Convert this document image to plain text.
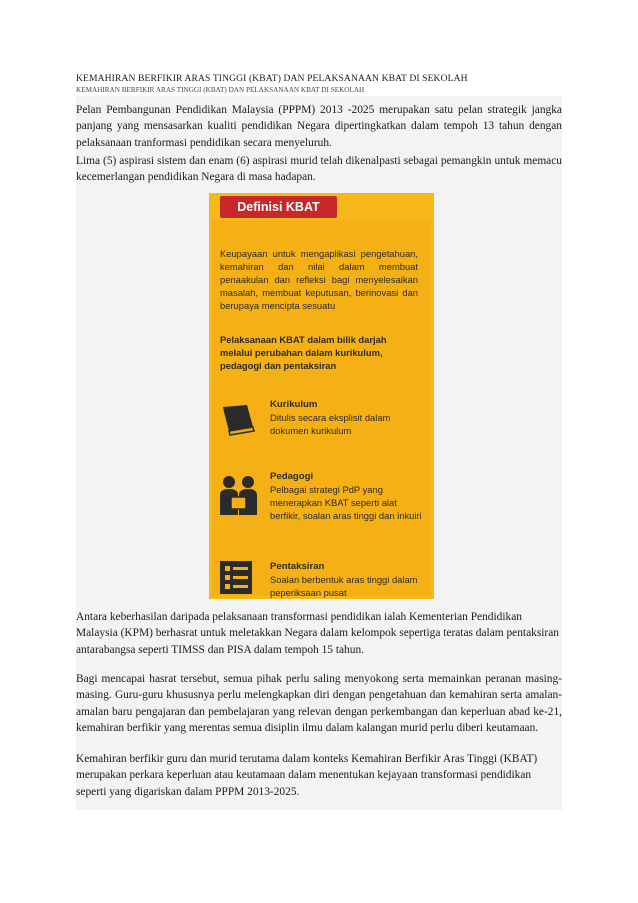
KEMAHIRAN BERFIKIR ARAS TINGGI (KBAT) DAN PELAKSANAAN KBAT DI SEKOLAH
KEMAHIRAN BERFIKIR ARAS TINGGI (KBAT) DAN PELAKSANAAN KBAT DI SEKOLAH
Pelan Pembangunan Pendidikan Malaysia (PPPM) 2013 -2025 merupakan satu pelan strategik jangka panjang yang mensasarkan kualiti pendidikan Negara dipertingkatkan dalam tempoh 13 tahun dengan pelaksanaan tranformasi pendidikan secara menyeluruh.
Lima (5) aspirasi sistem dan enam (6) aspirasi murid telah dikenalpasti sebagai pemangkin untuk memacu kecemerlangan pendidikan Negara di masa hadapan.
Keupayaan untuk mengaplikasi pengetahuan, kemahiran dan nilai dalam membuat penaakulan dan refleksi bagi menyelesaikan masalah, membuat keputusan, berinovasi dan berupaya mencipta sesuatu
Pelaksanaan KBAT dalam bilik darjah melalui perubahan dalam kurikulum, pedagogi dan pentaksiran
Kurikulum
Ditulis secara eksplisit dalam dokumen kurikulum
Pedagogi
Pelbagai strategi PdP yang menerapkan KBAT seperti alat berfikir, soalan aras tinggi dan inkuiri
Pentaksiran
Soalan berbentuk aras tinggi dalam peperiksaan pusat
Definisi KBAT
Antara keberhasilan daripada pelaksanaan transformasi pendidikan ialah Kementerian Pendidikan Malaysia (KPM) berhasrat untuk meletakkan Negara dalam kelompok sepertiga teratas dalam pentaksiran antarabangsa seperti TIMSS dan PISA dalam tempoh 15 tahun.
Bagi mencapai hasrat tersebut, semua pihak perlu saling menyokong serta memainkan peranan masing-masing. Guru-guru khususnya perlu melengkapkan diri dengan pengetahuan dan kemahiran serta amalan-amalan baru pengajaran dan pembelajaran yang relevan dengan perkembangan dan keperluan abad ke-21, kemahiran berfikir yang merentas semua disiplin ilmu dalam kalangan murid perlu diberi keutamaan.
Kemahiran berfikir guru dan murid terutama dalam konteks Kemahiran Berfikir Aras Tinggi (KBAT) merupakan perkara keperluan atau keutamaan dalam menentukan kejayaan transformasi pendidikan seperti yang digariskan dalam PPPM 2013-2025.
